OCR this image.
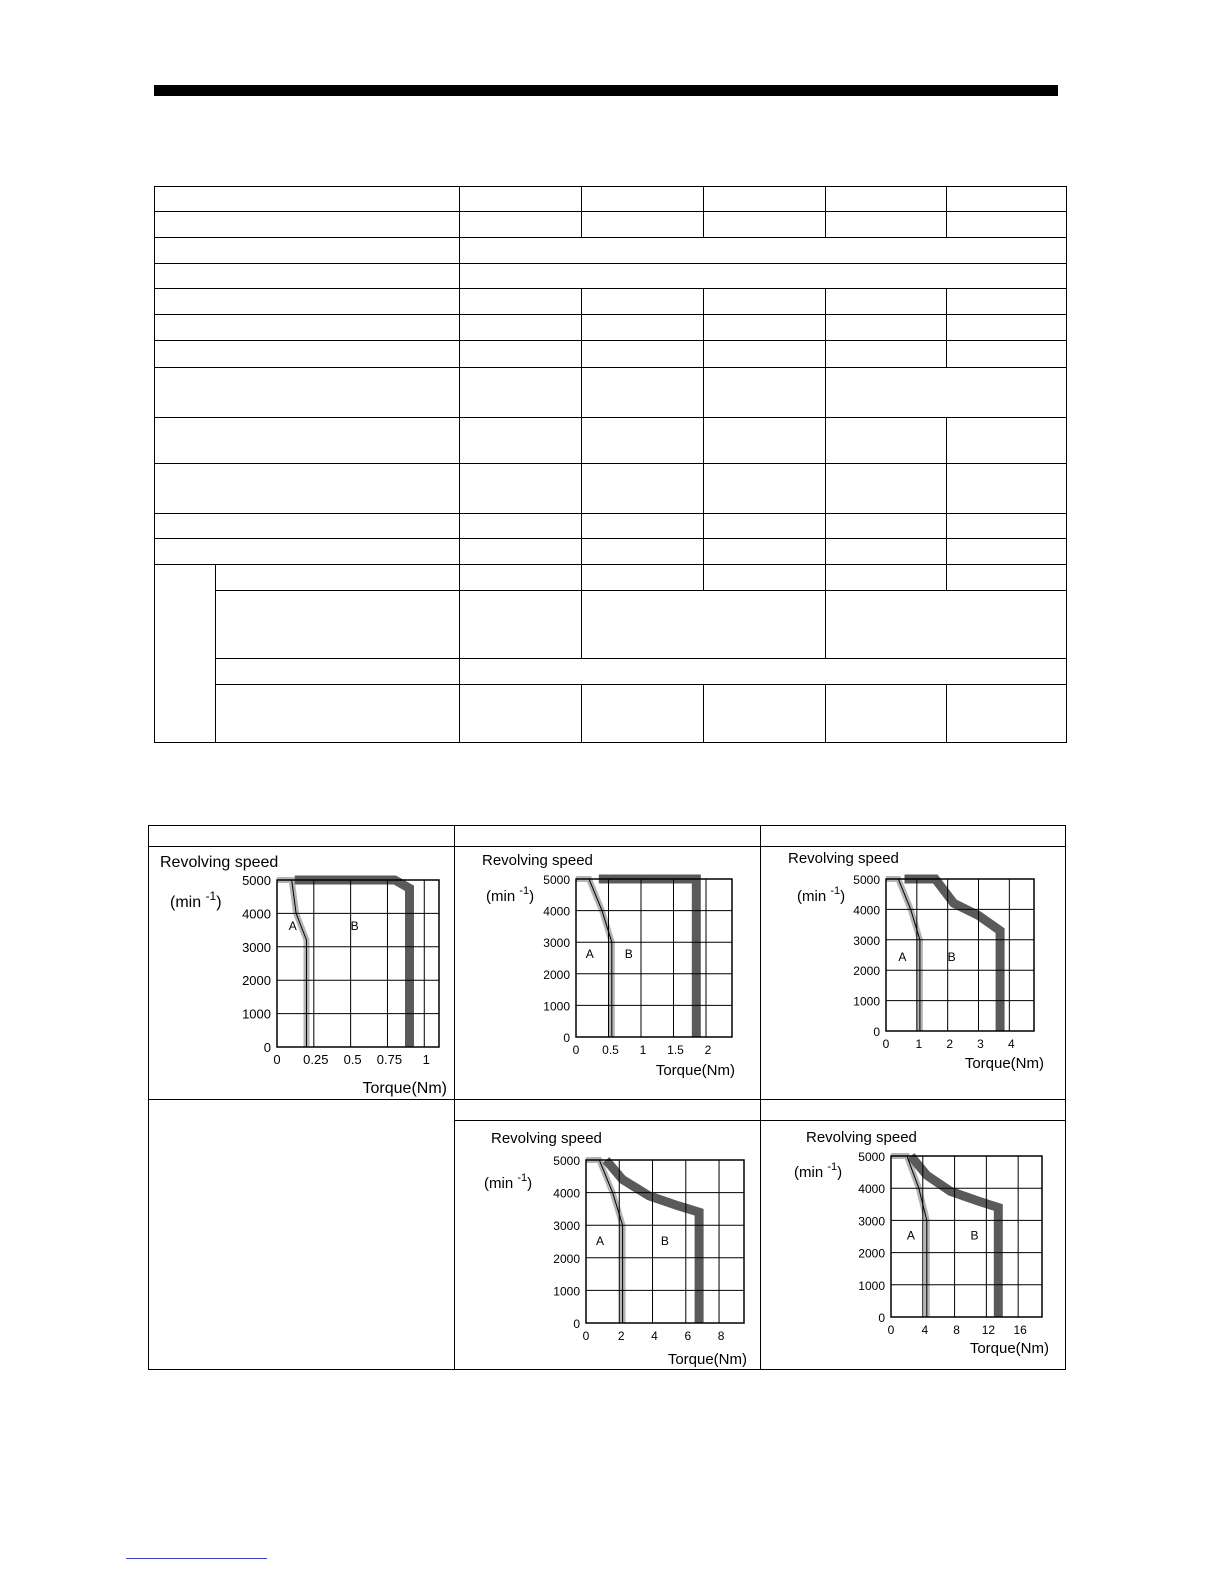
0
1000
2000
3000
4000
5000
0 0.25 0.5 0.75 1
A	B
Revolving speed
(min $^{-1}$)
Torque(Nm)
0
1000
2000
3000
4000
5000
0 0.5 1 1.5 2
A	B
Revolving speed
(min $^{-1}$)
Torque(Nm)
0
1000
2000
3000
4000
5000
0 1 2 3 4
A	B
Revolving speed
(min $^{-1}$)
Torque(Nm)
0
1000
2000
3000
4000
5000
0 2 4 6 8
A	B
Revolving speed
(min $^{-1}$)
Torque(Nm)
0
1000
2000
3000
4000
5000
0 4 8 12 16
A	B
Revolving speed
(min $^{-1}$)
Torque(Nm)
